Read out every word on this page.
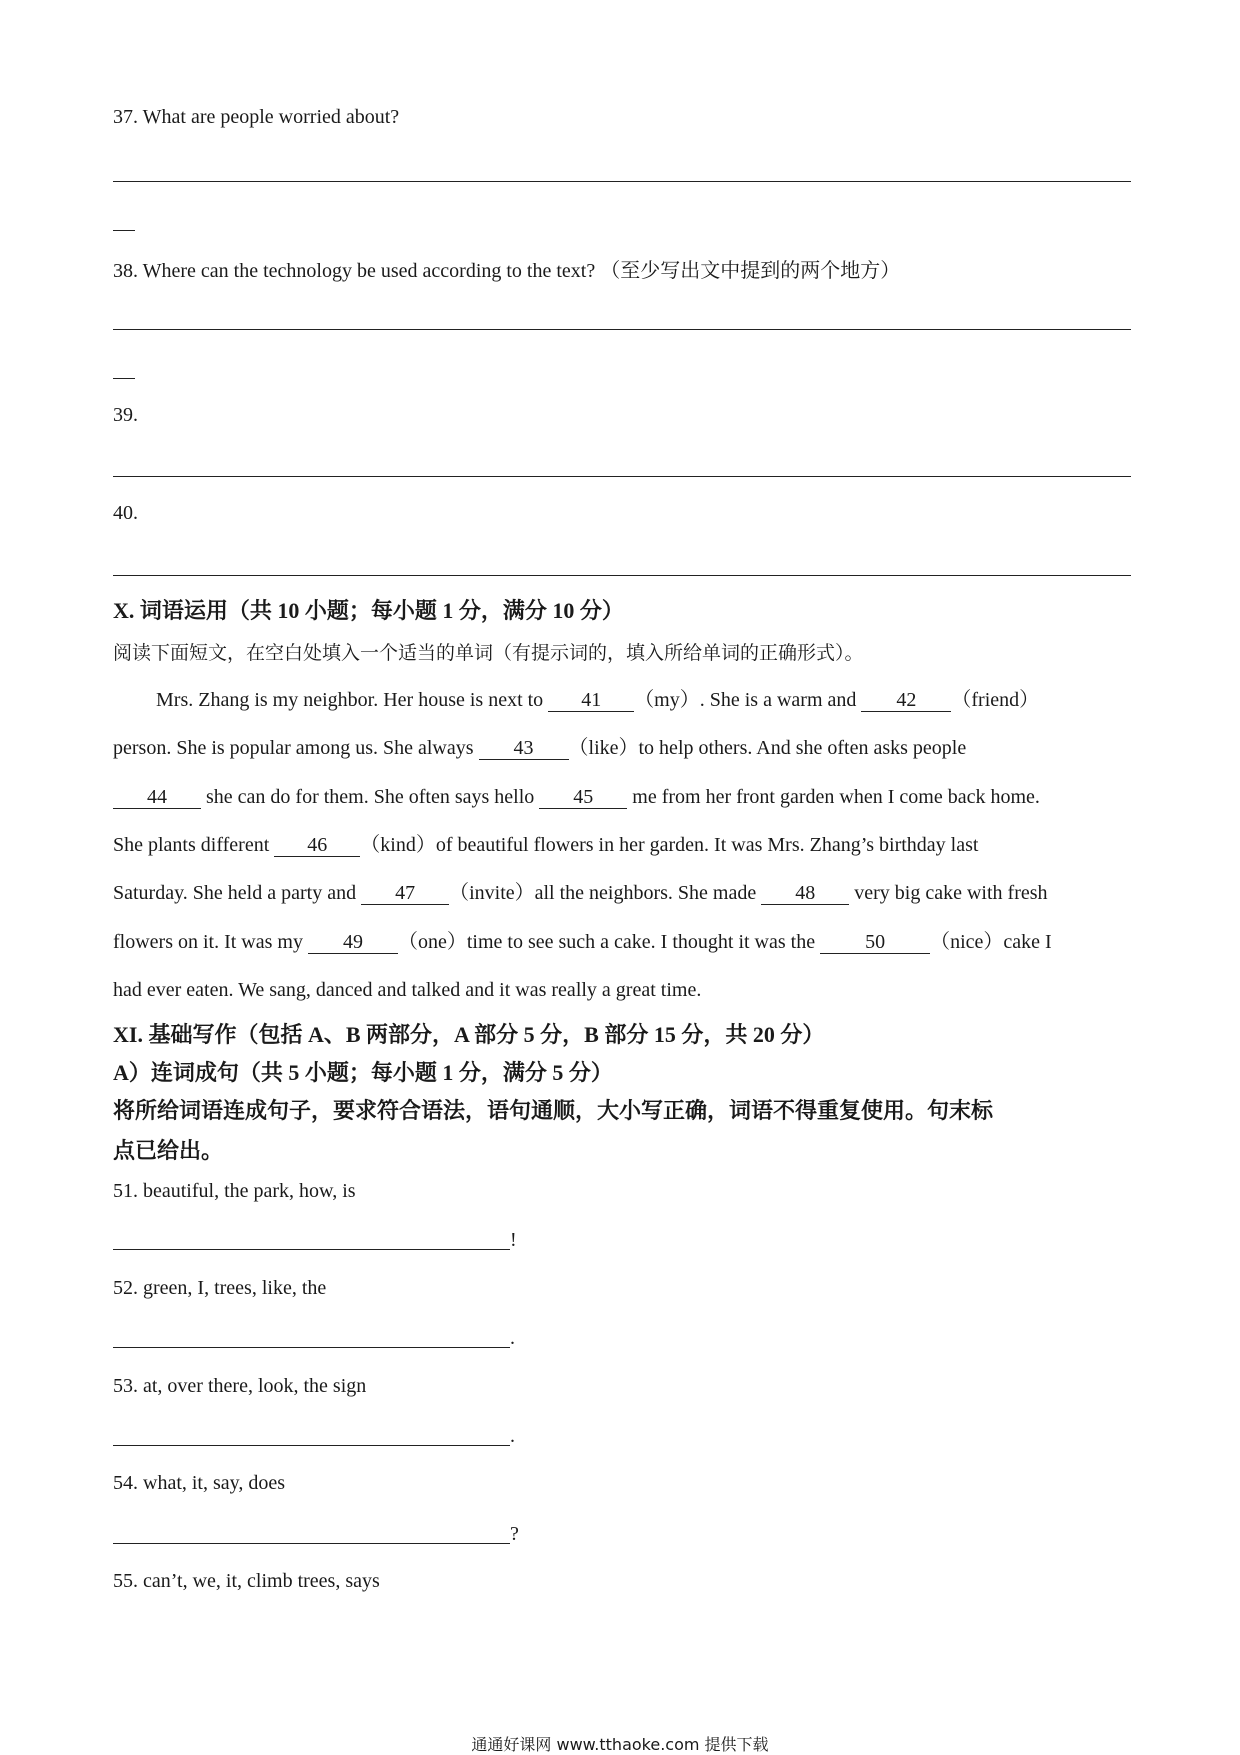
37. What are people worried about?
38. Where can the technology be used according to the text? （至少写出文中提到的两个地方）
39.
40.
X. 词语运用（共 10 小题；每小题 1 分，满分 10 分）
阅读下面短文，在空白处填入一个适当的单词（有提示词的，填入所给单词的正确形式）。
Mrs. Zhang is my neighbor. Her house is next to 41 （my）. She is a warm and 42 （friend）
person. She is popular among us. She always 43 （like）to help others. And she often asks people
44 she can do for them. She often says hello 45 me from her front garden when I come back home.
She plants different 46 （kind）of beautiful flowers in her garden. It was Mrs. Zhang’s birthday last
Saturday. She held a party and 47 （invite）all the neighbors. She made 48 very big cake with fresh
flowers on it. It was my 49 （one）time to see such a cake. I thought it was the 50 （nice）cake I
had ever eaten. We sang, danced and talked and it was really a great time.
XI. 基础写作（包括 A、B 两部分，A 部分 5 分，B 部分 15 分，共 20 分）
A）连词成句（共 5 小题；每小题 1 分，满分 5 分）
将所给词语连成句子，要求符合语法，语句通顺，大小写正确，词语不得重复使用。句末标
点已给出。
51. beautiful, the park, how, is
!
52. green, I, trees, like, the
.
53. at, over there, look, the sign
.
54. what, it, say, does
?
55. can’t, we, it, climb trees, says
通通好课网 www.tthaoke.com 提供下载
